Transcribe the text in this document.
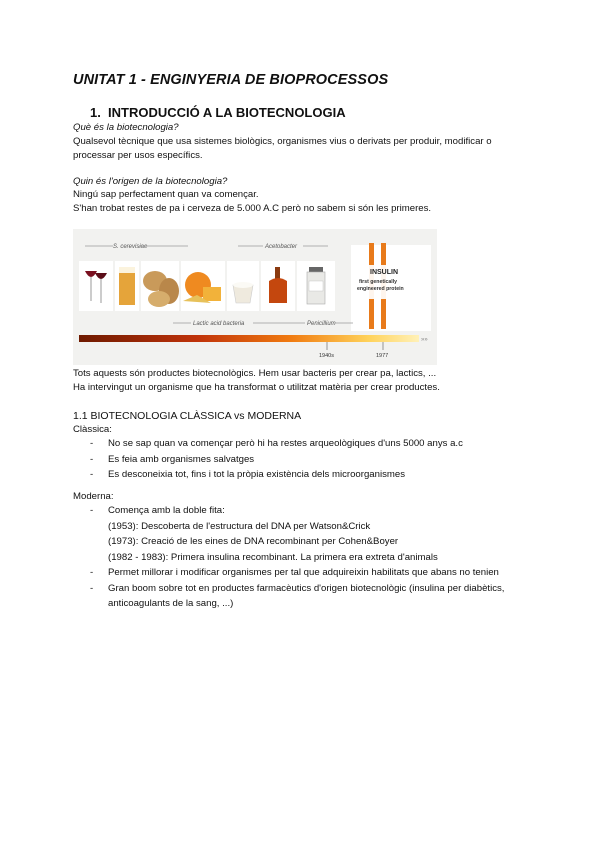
UNITAT 1 - ENGINYERIA DE BIOPROCESSOS
1. INTRODUCCIÓ A LA BIOTECNOLOGIA
Què és la biotecnologia?
Qualsevol tècnique que usa sistemes biològics, organismes vius o derivats per produir, modificar o
processar per usos específics.
Quin és l'origen de la biotecnologia?
Ningú sap perfectament quan va començar.
S'han trobat restes de pa i cerveza de 5.000 A.C però no sabem si són les primeres.
S. cerevisiae	Acetobacter
INSULIN
first genetically
engineered protein
Lactic acid bacteria	Penicillium
»»
1940s	1977
Tots aquests són productes biotecnològics. Hem usar bacteris per crear pa, lactics, ...
Ha intervingut un organisme que ha transformat o utilitzat matèria per crear productes.
1.1 BIOTECNOLOGIA CLÀSSICA vs MODERNA
Clàssica:
- No se sap quan va començar però hi ha restes arqueològiques d'uns 5000 anys a.c
- Es feia amb organismes salvatges
- Es desconeixia tot, fins i tot la pròpia existència dels microorganismes
Moderna:
- Comença amb la doble fita:
(1953): Descoberta de l'estructura del DNA per Watson&Crick
(1973): Creació de les eines de DNA recombinant per Cohen&Boyer
(1982 - 1983): Primera insulina recombinant. La primera era extreta d'animals
- Permet millorar i modificar organismes per tal que adquireixin habilitats que abans no tenien
- Gran boom sobre tot en productes farmacèutics d'origen biotecnològic (insulina per diabètics,
anticoagulants de la sang, ...)
